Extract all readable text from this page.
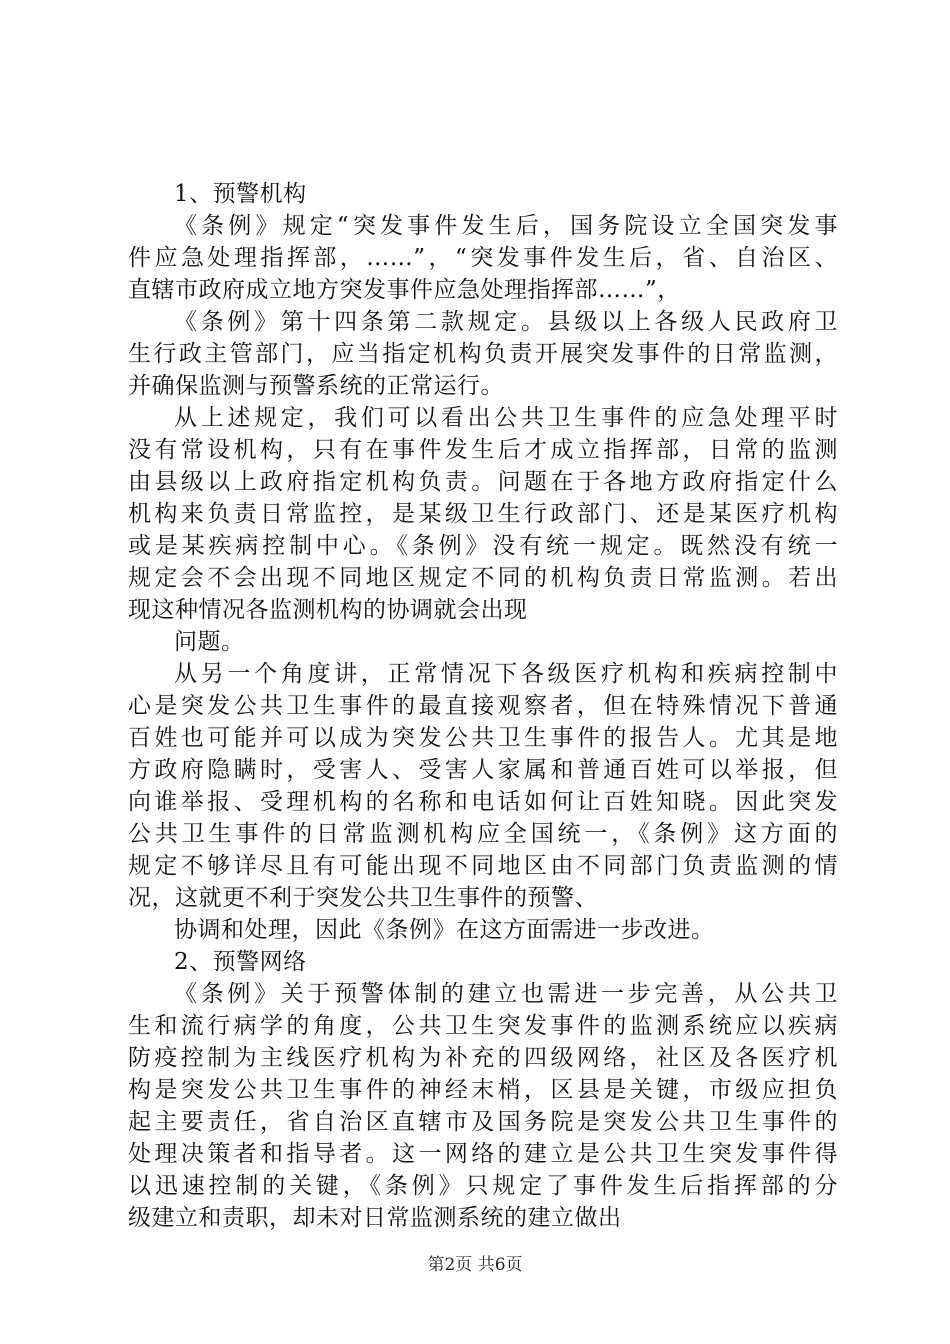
1、预警机构
《条例》规定“突发事件发生后，国务院设立全国突发事
件应急处理指挥部，……”，“突发事件发生后，省、自治区、
直辖市政府成立地方突发事件应急处理指挥部……”，
《条例》第十四条第二款规定。县级以上各级人民政府卫
生行政主管部门，应当指定机构负责开展突发事件的日常监测，
并确保监测与预警系统的正常运行。
从上述规定，我们可以看出公共卫生事件的应急处理平时
没有常设机构，只有在事件发生后才成立指挥部，日常的监测
由县级以上政府指定机构负责。问题在于各地方政府指定什么
机构来负责日常监控，是某级卫生行政部门、还是某医疗机构
或是某疾病控制中心。《条例》没有统一规定。既然没有统一
规定会不会出现不同地区规定不同的机构负责日常监测。若出
现这种情况各监测机构的协调就会出现
问题。
从另一个角度讲，正常情况下各级医疗机构和疾病控制中
心是突发公共卫生事件的最直接观察者，但在特殊情况下普通
百姓也可能并可以成为突发公共卫生事件的报告人。尤其是地
方政府隐瞒时，受害人、受害人家属和普通百姓可以举报，但
向谁举报、受理机构的名称和电话如何让百姓知晓。因此突发
公共卫生事件的日常监测机构应全国统一，《条例》这方面的
规定不够详尽且有可能出现不同地区由不同部门负责监测的情
况，这就更不利于突发公共卫生事件的预警、
协调和处理，因此《条例》在这方面需进一步改进。
2、预警网络
《条例》关于预警体制的建立也需进一步完善，从公共卫
生和流行病学的角度，公共卫生突发事件的监测系统应以疾病
防疫控制为主线医疗机构为补充的四级网络，社区及各医疗机
构是突发公共卫生事件的神经末梢，区县是关键，市级应担负
起主要责任，省自治区直辖市及国务院是突发公共卫生事件的
处理决策者和指导者。这一网络的建立是公共卫生突发事件得
以迅速控制的关键，《条例》只规定了事件发生后指挥部的分
级建立和责职，却未对日常监测系统的建立做出
第2页 共6页
